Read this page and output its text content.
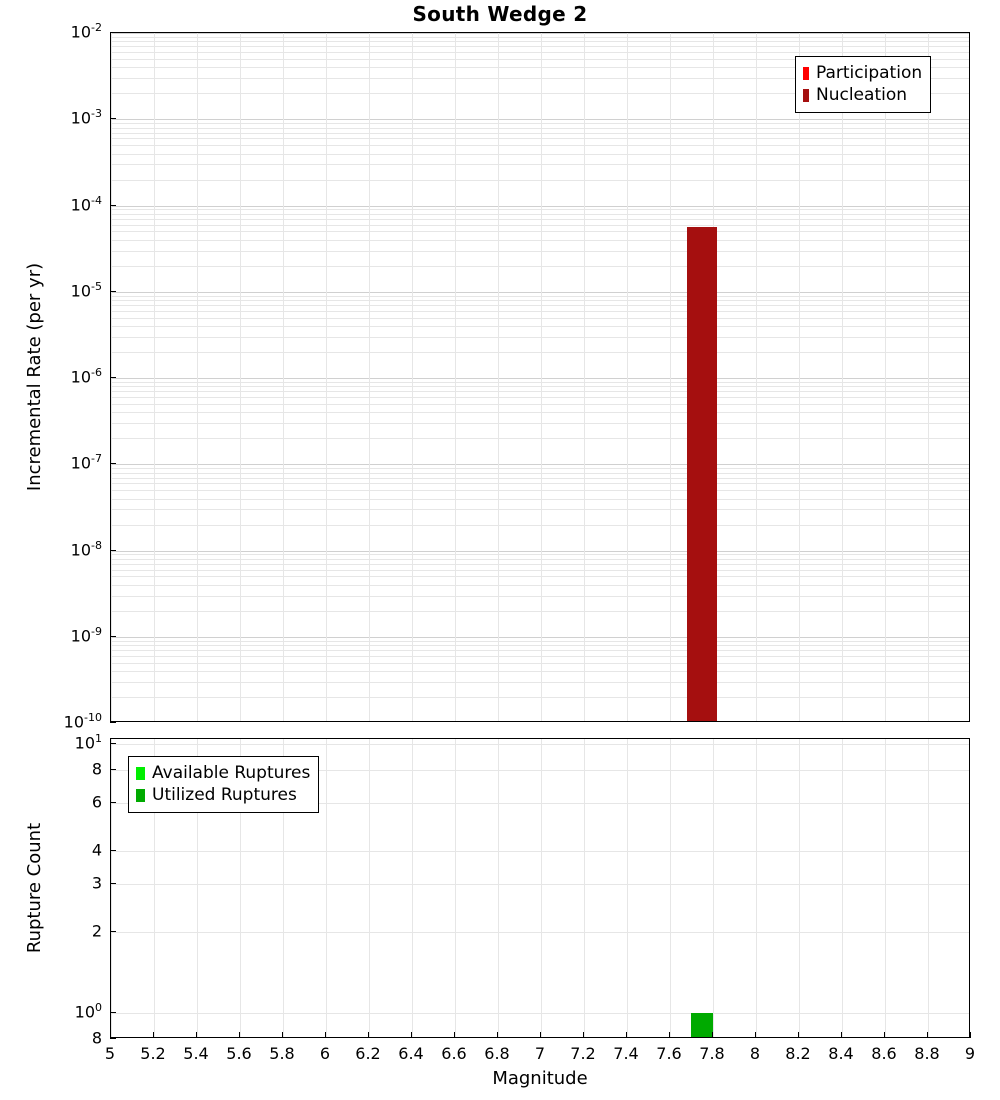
South Wedge 2
$10^{-2}$
$10^{-3}$
$10^{-4}$
$10^{-5}$
$10^{-6}$
$10^{-7}$
$10^{-8}$
$10^{-9}$
$10^{-10}$
Incremental Rate (per yr)
Participation
Nucleation
$10^1$
8
6
4
3
2
$10^0$
8
Rupture Count
Available Ruptures
Utilized Ruptures
5 5.2 5.4 5.6 5.8 6 6.2 6.4 6.6 6.8 7 7.2 7.4 7.6 7.8 8 8.2 8.4 8.6 8.8 9
Magnitude
